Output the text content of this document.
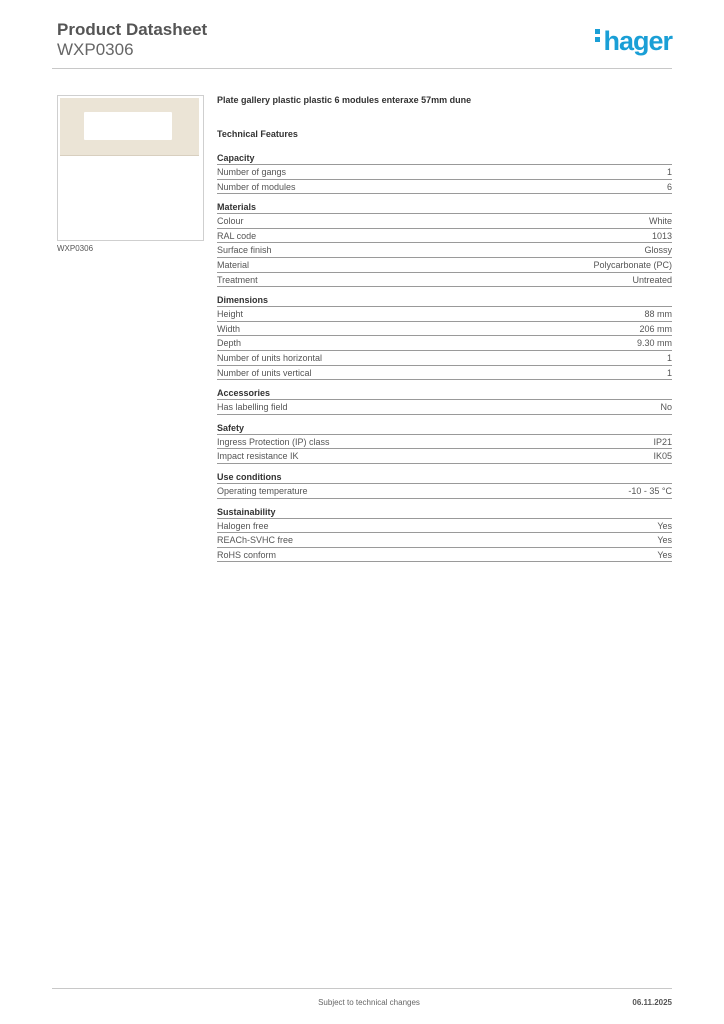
Product Datasheet
WXP0306	hager
WXP0306
Plate gallery plastic plastic 6 modules enteraxe 57mm dune
Technical Features
Capacity
Number of gangs	1
Number of modules	6
Materials
Colour	White
RAL code	1013
Surface finish	Glossy
Material	Polycarbonate (PC)
Treatment	Untreated
Dimensions
Height	88 mm
Width	206 mm
Depth	9.30 mm
Number of units horizontal	1
Number of units vertical	1
Accessories
Has labelling field	No
Safety
Ingress Protection (IP) class	IP21
Impact resistance IK	IK05
Use conditions
Operating temperature	-10 - 35 °C
Sustainability
Halogen free	Yes
REACh-SVHC free	Yes
RoHS conform	Yes
Subject to technical changes	06.11.2025
